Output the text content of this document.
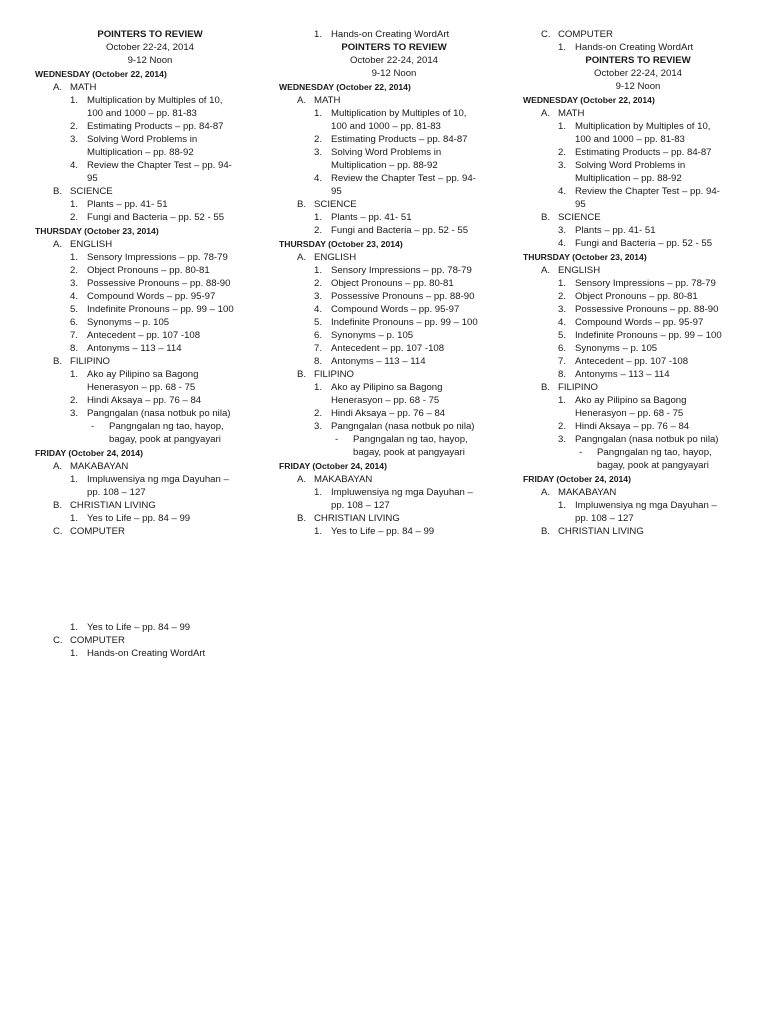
POINTERS TO REVIEW
October 22-24, 2014
9-12 Noon
WEDNESDAY (October 22, 2014)
A. MATH
1. Multiplication by Multiples of 10,
100 and 1000 – pp. 81-83
2. Estimating Products – pp. 84-87
3. Solving Word Problems in
Multiplication – pp. 88-92
4. Review the Chapter Test – pp. 94-
95
B. SCIENCE
1. Plants – pp. 41- 51
2. Fungi and Bacteria – pp. 52 - 55
THURSDAY (October 23, 2014)
A. ENGLISH
1. Sensory Impressions – pp. 78-79
2. Object Pronouns – pp. 80-81
3. Possessive Pronouns – pp. 88-90
4. Compound Words – pp. 95-97
5. Indefinite Pronouns – pp. 99 – 100
6. Synonyms – p. 105
7. Antecedent – pp. 107 -108
8. Antonyms – 113 – 114
B. FILIPINO
1. Ako ay Pilipino sa Bagong
Henerasyon – pp. 68 - 75
2. Hindi Aksaya – pp. 76 – 84
3. Pangngalan (nasa notbuk po nila)
- Pangngalan ng tao, hayop,
bagay, pook at pangyayari
FRIDAY (October 24, 2014)
A. MAKABAYAN
1. Impluwensiya ng mga Dayuhan –
pp. 108 – 127
B. CHRISTIAN LIVING
1. Yes to Life – pp. 84 – 99
C. COMPUTER
1. Yes to Life – pp. 84 – 99
C. COMPUTER
1. Hands-on Creating WordArt
1. Hands-on Creating WordArt
POINTERS TO REVIEW
October 22-24, 2014
9-12 Noon
WEDNESDAY (October 22, 2014)
A. MATH
1. Multiplication by Multiples of 10,
100 and 1000 – pp. 81-83
2. Estimating Products – pp. 84-87
3. Solving Word Problems in
Multiplication – pp. 88-92
4. Review the Chapter Test – pp. 94-
95
B. SCIENCE
1. Plants – pp. 41- 51
2. Fungi and Bacteria – pp. 52 - 55
THURSDAY (October 23, 2014)
A. ENGLISH
1. Sensory Impressions – pp. 78-79
2. Object Pronouns – pp. 80-81
3. Possessive Pronouns – pp. 88-90
4. Compound Words – pp. 95-97
5. Indefinite Pronouns – pp. 99 – 100
6. Synonyms – p. 105
7. Antecedent – pp. 107 -108
8. Antonyms – 113 – 114
B. FILIPINO
1. Ako ay Pilipino sa Bagong
Henerasyon – pp. 68 - 75
2. Hindi Aksaya – pp. 76 – 84
3. Pangngalan (nasa notbuk po nila)
- Pangngalan ng tao, hayop,
bagay, pook at pangyayari
FRIDAY (October 24, 2014)
A. MAKABAYAN
1. Impluwensiya ng mga Dayuhan –
pp. 108 – 127
B. CHRISTIAN LIVING
1. Yes to Life – pp. 84 – 99
C. COMPUTER
1. Hands-on Creating WordArt
POINTERS TO REVIEW
October 22-24, 2014
9-12 Noon
WEDNESDAY (October 22, 2014)
A. MATH
1. Multiplication by Multiples of 10,
100 and 1000 – pp. 81-83
2. Estimating Products – pp. 84-87
3. Solving Word Problems in
Multiplication – pp. 88-92
4. Review the Chapter Test – pp. 94-
95
B. SCIENCE
3. Plants – pp. 41- 51
4. Fungi and Bacteria – pp. 52 - 55
THURSDAY (October 23, 2014)
A. ENGLISH
1. Sensory Impressions – pp. 78-79
2. Object Pronouns – pp. 80-81
3. Possessive Pronouns – pp. 88-90
4. Compound Words – pp. 95-97
5. Indefinite Pronouns – pp. 99 – 100
6. Synonyms – p. 105
7. Antecedent – pp. 107 -108
8. Antonyms – 113 – 114
B. FILIPINO
1. Ako ay Pilipino sa Bagong
Henerasyon – pp. 68 - 75
2. Hindi Aksaya – pp. 76 – 84
3. Pangngalan (nasa notbuk po nila)
- Pangngalan ng tao, hayop,
bagay, pook at pangyayari
FRIDAY (October 24, 2014)
A. MAKABAYAN
1. Impluwensiya ng mga Dayuhan –
pp. 108 – 127
B. CHRISTIAN LIVING
